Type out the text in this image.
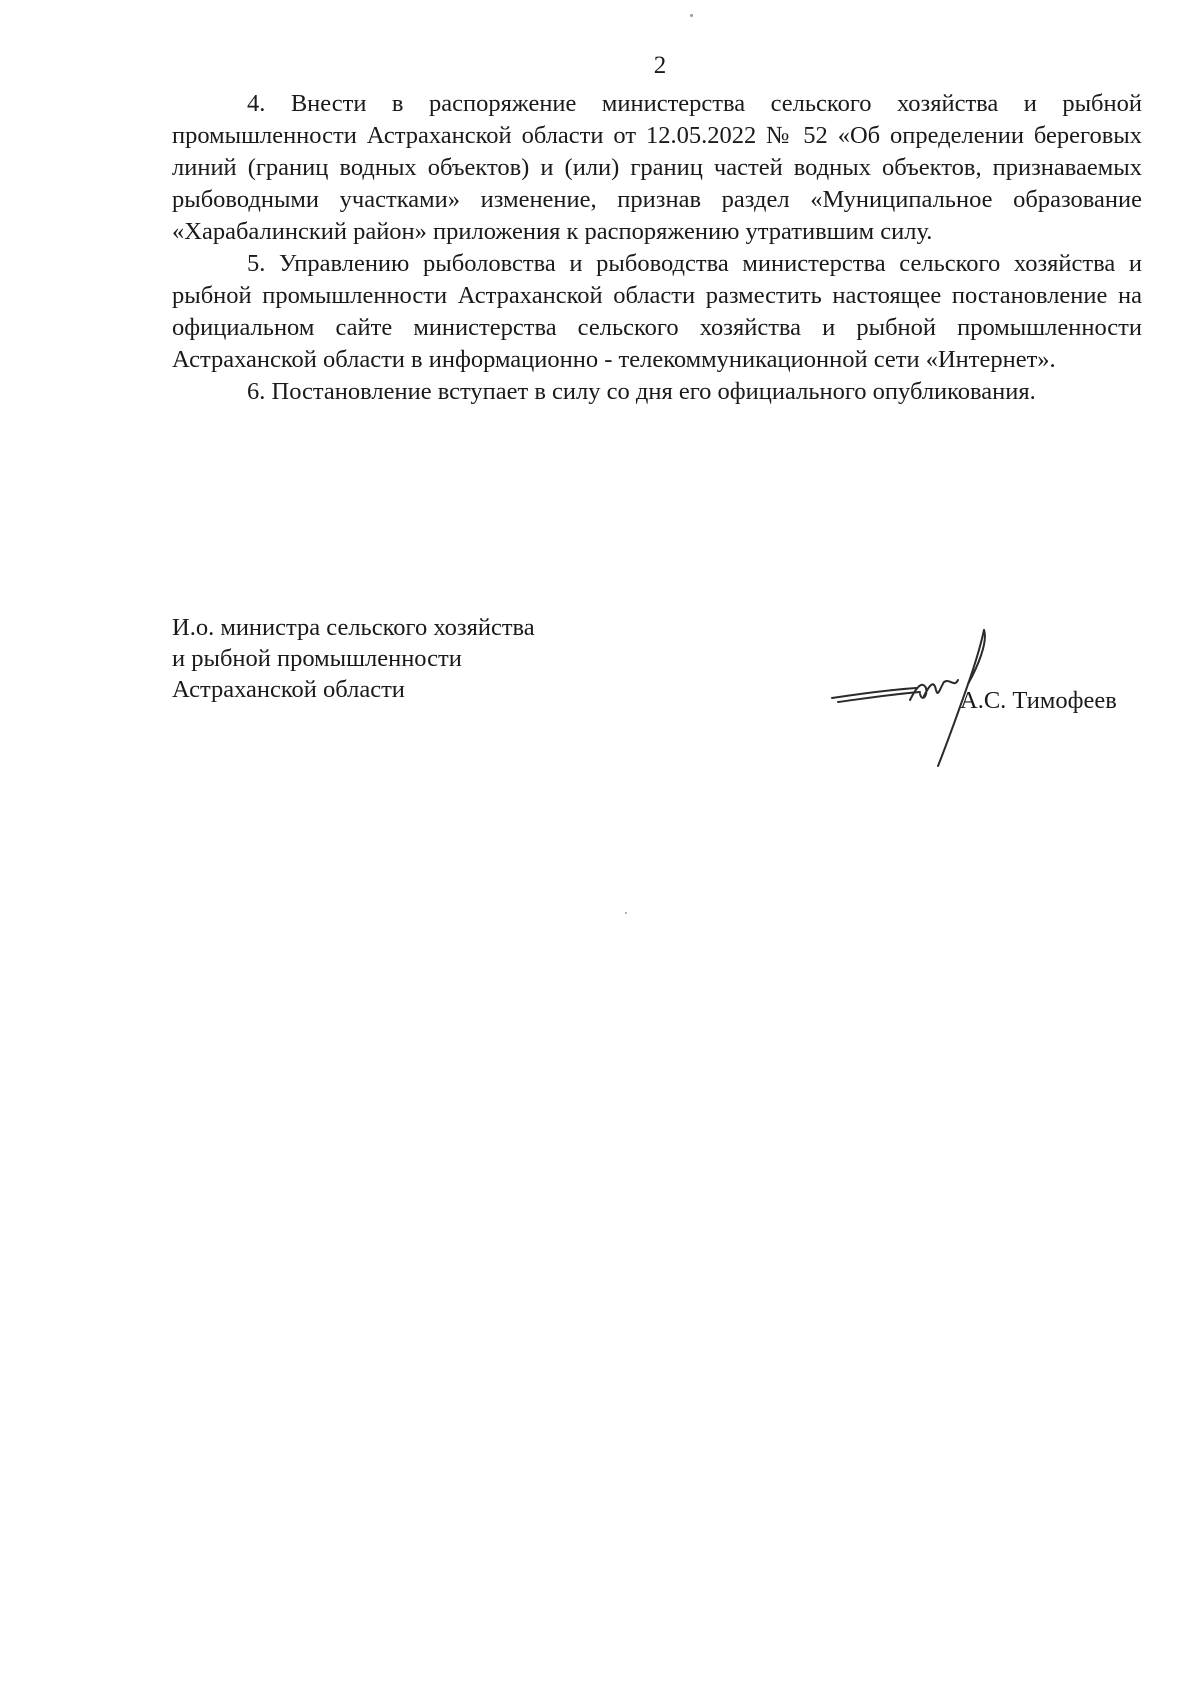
2

4. Внести в распоряжение министерства сельского хозяйства и рыбной промышленности Астраханской области от 12.05.2022 № 52 «Об определении береговых линий (границ водных объектов) и (или) границ частей водных объектов, признаваемых рыбоводными участками» изменение, признав раздел «Муниципальное образование «Харабалинский район» приложения к распоряжению утратившим силу.

5. Управлению рыболовства и рыбоводства министерства сельского хозяйства и рыбной промышленности Астраханской области разместить настоящее постановление на официальном сайте министерства сельского хозяйства и рыбной промышленности Астраханской области в информационно - телекоммуникационной сети «Интернет».

6. Постановление вступает в силу со дня его официального опубликования.

И.о. министра сельского хозяйства
и рыбной промышленности
Астраханской области	А.С. Тимофеев
